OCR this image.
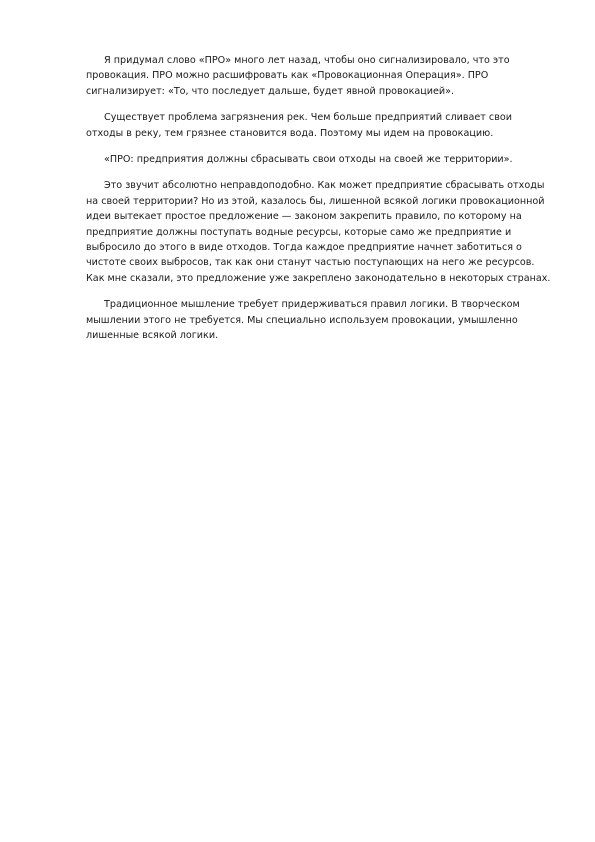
Я придумал слово «ПРО» много лет назад, чтобы оно сигнализировало, что это провокация. ПРО можно расшифровать как «Провокационная Операция». ПРО сигнализирует: «То, что последует дальше, будет явной провокацией».

Существует проблема загрязнения рек. Чем больше предприятий сливает свои отходы в реку, тем грязнее становится вода. Поэтому мы идем на провокацию.

«ПРО: предприятия должны сбрасывать свои отходы на своей же территории».

Это звучит абсолютно неправдоподобно. Как может предприятие сбрасывать отходы на своей территории? Но из этой, казалось бы, лишенной всякой логики провокационной идеи вытекает простое предложение — законом закрепить правило, по которому на предприятие должны поступать водные ресурсы, которые само же предприятие и выбросило до этого в виде отходов. Тогда каждое предприятие начнет заботиться о чистоте своих выбросов, так как они станут частью поступающих на него же ресурсов. Как мне сказали, это предложение уже закреплено законодательно в некоторых странах.

Традиционное мышление требует придерживаться правил логики. В творческом мышлении этого не требуется. Мы специально используем провокации, умышленно лишенные всякой логики.
